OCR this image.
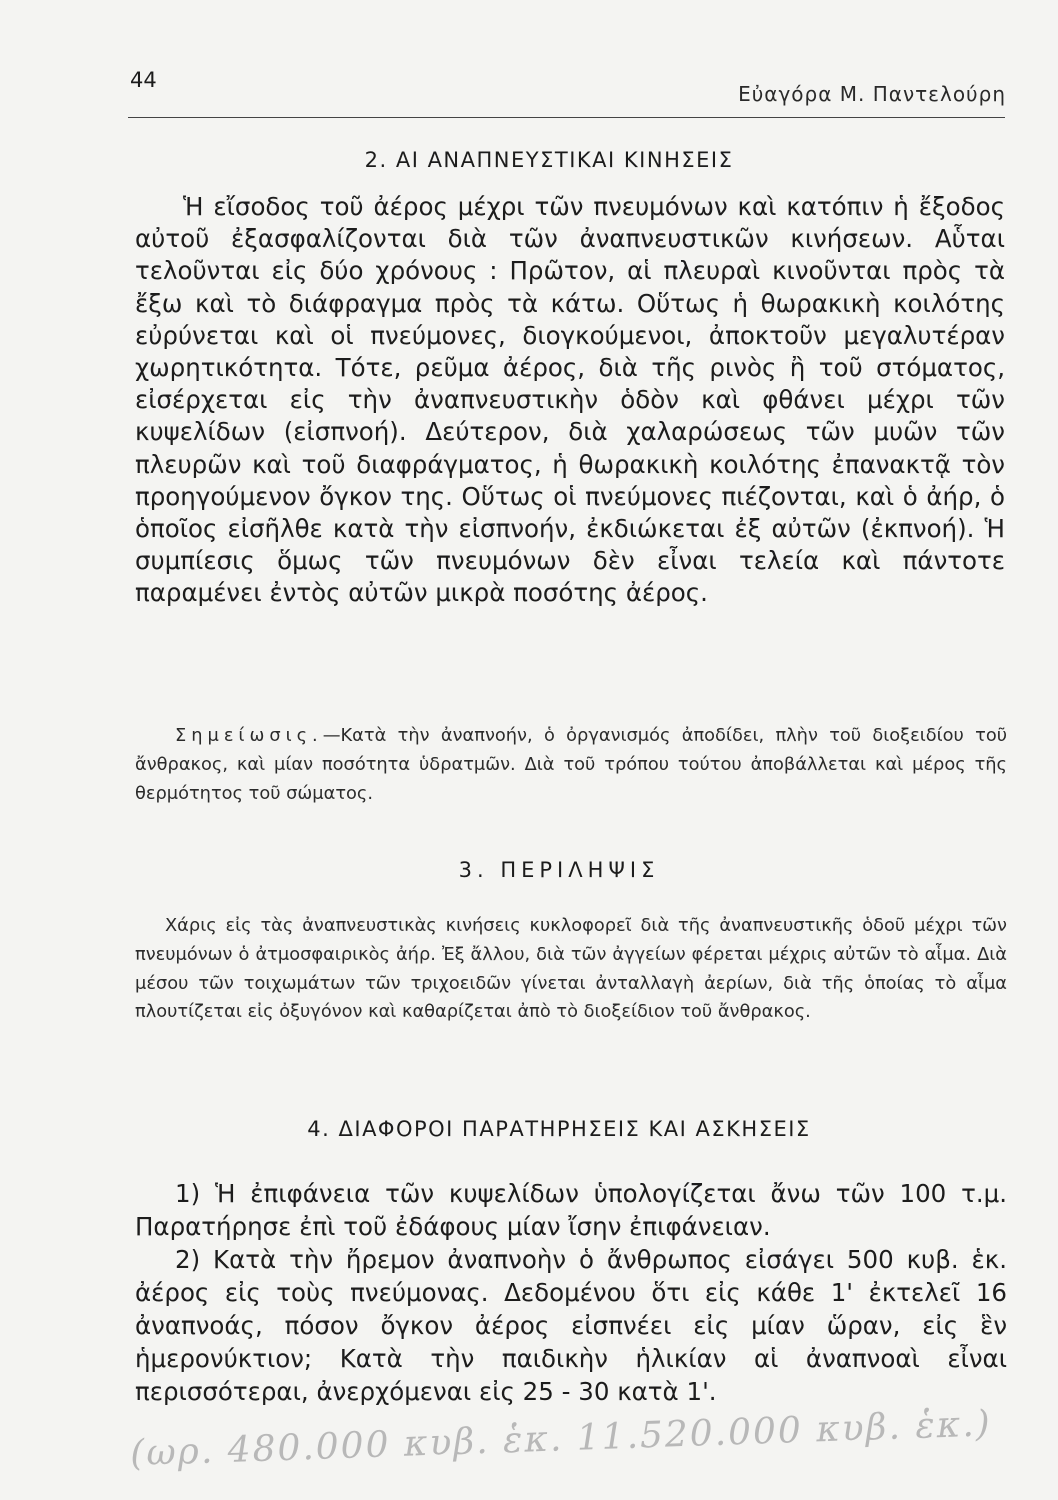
44
Εὐαγόρα Μ. Παντελούρη
2. ΑΙ ΑΝΑΠΝΕΥΣΤΙΚΑΙ ΚΙΝΗΣΕΙΣ

Ἡ εἴσοδος τοῦ ἀέρος μέχρι τῶν πνευμόνων καὶ κατόπιν ἡ ἔξοδος αὐτοῦ ἐξασφαλίζονται διὰ τῶν ἀναπνευστικῶν κινήσεων. Αὗται τελοῦνται εἰς δύο χρόνους : Πρῶτον, αἱ πλευραὶ κινοῦνται πρὸς τὰ ἔξω καὶ τὸ διάφραγμα πρὸς τὰ κάτω. Οὕτως ἡ θωρακικὴ κοιλότης εὐρύνεται καὶ οἱ πνεύμονες, διογκούμενοι, ἀποκτοῦν μεγαλυτέραν χωρητικότητα. Τότε, ρεῦμα ἀέρος, διὰ τῆς ρινὸς ἢ τοῦ στόματος, εἰσέρχεται εἰς τὴν ἀναπνευστικὴν ὁδὸν καὶ φθάνει μέχρι τῶν κυψελίδων (εἰσπνοή). Δεύτερον, διὰ χαλαρώσεως τῶν μυῶν τῶν πλευρῶν καὶ τοῦ διαφράγματος, ἡ θωρακικὴ κοιλότης ἐπανακτᾷ τὸν προηγούμενον ὄγκον της. Οὕτως οἱ πνεύμονες πιέζονται, καὶ ὁ ἀήρ, ὁ ὁποῖος εἰσῆλθε κατὰ τὴν εἰσπνοήν, ἐκδιώκεται ἐξ αὐτῶν (ἐκπνοή). Ἡ συμπίεσις ὅμως τῶν πνευμόνων δὲν εἶναι τελεία καὶ πάντοτε παραμένει ἐντὸς αὐτῶν μικρὰ ποσότης ἀέρος.

Σημείωσις.—Κατὰ τὴν ἀναπνοήν, ὁ ὀργανισμός ἀποδίδει, πλὴν τοῦ διοξειδίου τοῦ ἄνθρακος, καὶ μίαν ποσότητα ὑδρατμῶν. Διὰ τοῦ τρόπου τούτου ἀποβάλλεται καὶ μέρος τῆς θερμότητος τοῦ σώματος.

3. ΠΕΡΙΛΗΨΙΣ

Χάρις εἰς τὰς ἀναπνευστικὰς κινήσεις κυκλοφορεῖ διὰ τῆς ἀναπνευστικῆς ὁδοῦ μέχρι τῶν πνευμόνων ὁ ἀτμοσφαιρικὸς ἀήρ. Ἐξ ἄλλου, διὰ τῶν ἀγγείων φέρεται μέχρις αὐτῶν τὸ αἷμα. Διὰ μέσου τῶν τοιχωμάτων τῶν τριχοειδῶν γίνεται ἀνταλλαγὴ ἀερίων, διὰ τῆς ὁποίας τὸ αἷμα πλουτίζεται εἰς ὀξυγόνον καὶ καθαρίζεται ἀπὸ τὸ διοξείδιον τοῦ ἄνθρακος.

4. ΔΙΑΦΟΡΟΙ ΠΑΡΑΤΗΡΗΣΕΙΣ ΚΑΙ ΑΣΚΗΣΕΙΣ

1) Ἡ ἐπιφάνεια τῶν κυψελίδων ὑπολογίζεται ἄνω τῶν 100 τ.μ. Παρατήρησε ἐπὶ τοῦ ἐδάφους μίαν ἴσην ἐπιφάνειαν.

2) Κατὰ τὴν ἤρεμον ἀναπνοὴν ὁ ἄνθρωπος εἰσάγει 500 κυβ. ἑκ. ἀέρος εἰς τοὺς πνεύμονας. Δεδομένου ὅτι εἰς κάθε 1' ἐκτελεῖ 16 ἀναπνοάς, πόσον ὄγκον ἀέρος εἰσπνέει εἰς μίαν ὥραν, εἰς ἓν ἡμερονύκτιον; Κατὰ τὴν παιδικὴν ἡλικίαν αἱ ἀναπνοαὶ εἶναι περισσότεραι, ἀνερχόμεναι εἰς 25 - 30 κατὰ 1'.

(ωρ. 480.000 κυβ. ἑκ. 11.520.000 κυβ. ἑκ.)
